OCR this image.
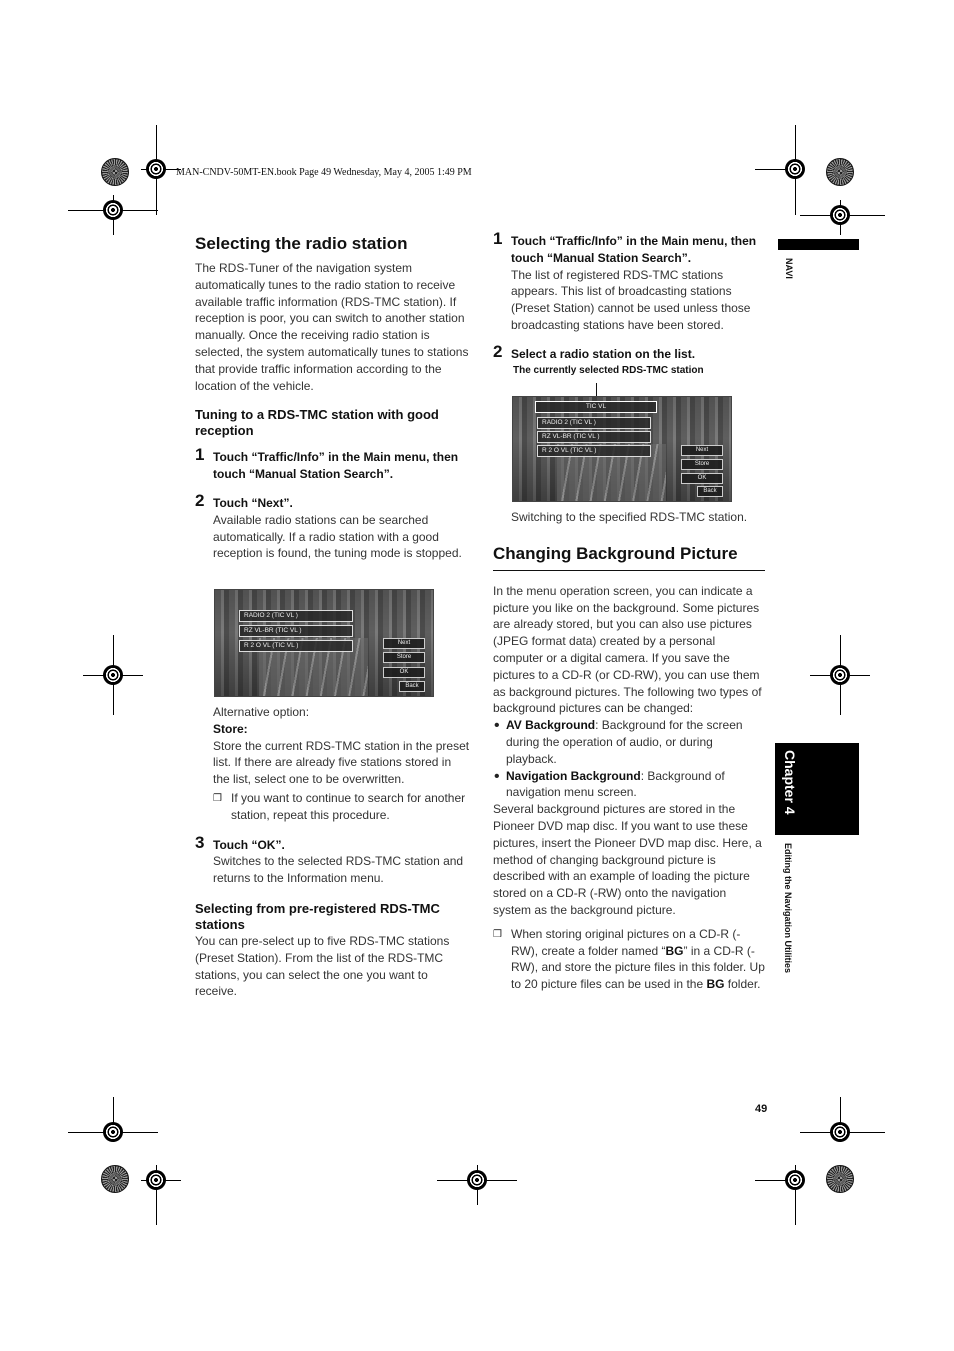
MAN-CNDV-50MT-EN.book Page 49 Wednesday, May 4, 2005 1:49 PM
NAVI
Chapter 4
Editing the Navigation Utilities
Selecting the radio station

The RDS-Tuner of the navigation system automatically tunes to the radio station to receive available traffic information (RDS-TMC station). If reception is poor, you can switch to another station manually. Once the receiving radio station is selected, the system automatically tunes to stations that provide traffic information according to the location of the vehicle.

Tuning to a RDS-TMC station with good reception
1 Touch “Traffic/Info” in the Main menu, then touch “Manual Station Search”.
2 Touch “Next”.

Available radio stations can be searched automatically. If a radio station with a good reception is found, the tuning mode is stopped.

RADIO 2 (TIC VL )
RZ VL-BR (TIC VL )
R 2 O VL (TIC VL )	Next
Store
OK
Back

Alternative option:

Store:

Store the current RDS-TMC station in the preset list. If there are already five stations stored in the list, select one to be overwritten.

❒ If you want to continue to search for another station, repeat this procedure.

3 Touch “OK”.

Switches to the selected RDS-TMC station and returns to the Information menu.

Selecting from pre-registered RDS-TMC stations

You can pre-select up to five RDS-TMC stations (Preset Station). From the list of the RDS-TMC stations, you can select the one you want to receive.

1 Touch “Traffic/Info” in the Main menu, then touch “Manual Station Search”.

The list of registered RDS-TMC stations appears. This list of broadcasting stations (Preset Station) cannot be used unless those broadcasting stations have been stored.

2 Select a radio station on the list.
The currently selected RDS-TMC station
TIC VL
RADIO 2 (TIC VL )
RZ VL-BR (TIC VL )
R 2 O VL (TIC VL )	Next
Store
OK
Back

Switching to the specified RDS-TMC station.

Changing Background Picture

In the menu operation screen, you can indicate a picture you like on the background. Some pictures are already stored, but you can also use pictures (JPEG format data) created by a personal computer or a digital camera. If you save the pictures to a CD-R (or CD-RW), you can use them as background pictures. The following two types of background pictures can be changed:

• AV Background: Background for the screen during the operation of audio, or during playback.

• Navigation Background: Background of navigation menu screen.

Several background pictures are stored in the Pioneer DVD map disc. If you want to use these pictures, insert the Pioneer DVD map disc. Here, a method of changing background picture is described with an example of loading the picture stored on a CD-R (-RW) onto the navigation system as the background picture.

❒ When storing original pictures on a CD-R (-RW), create a folder named “BG” in a CD-R (-RW), and store the picture files in this folder. Up to 20 picture files can be used in the BG folder.

49
